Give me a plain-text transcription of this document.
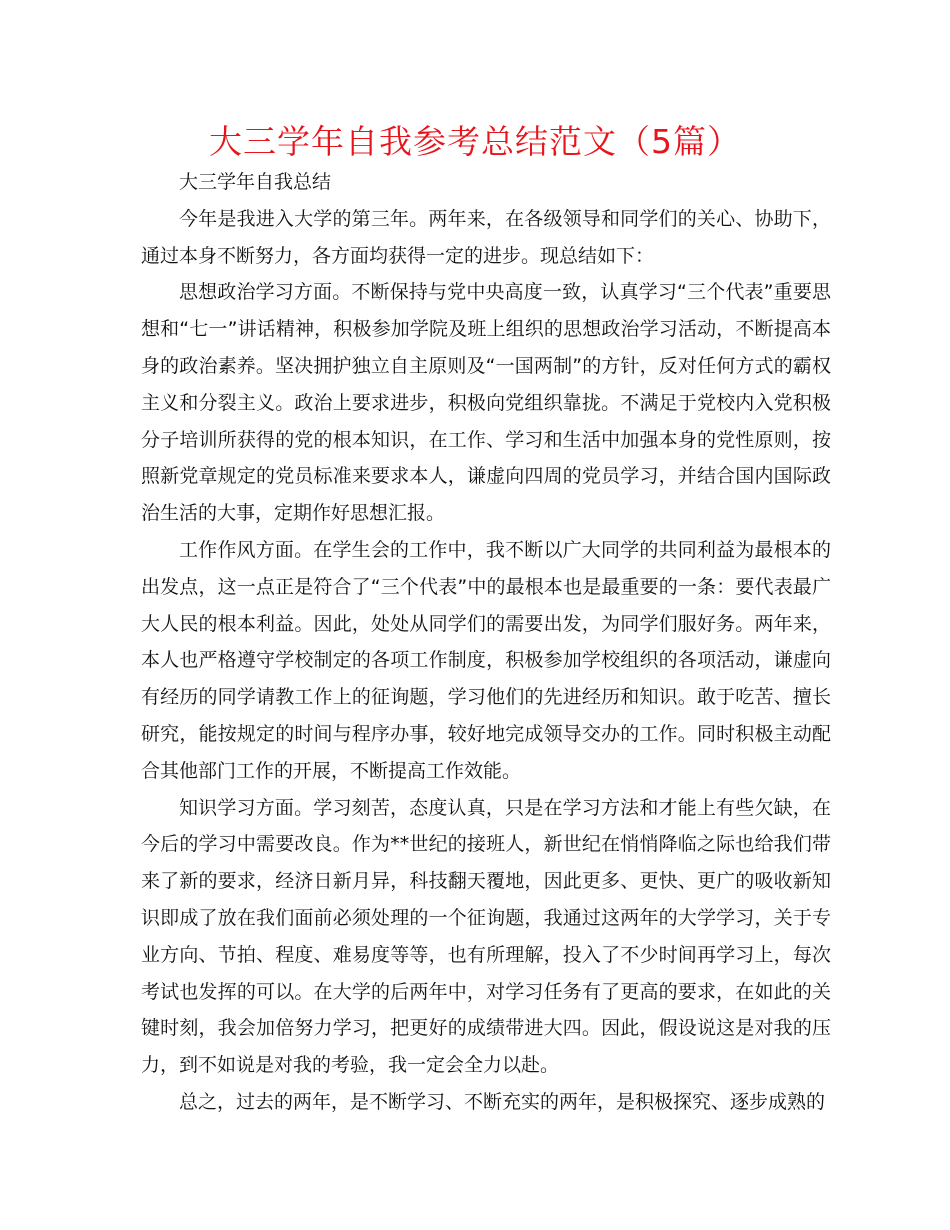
大三学年自我参考总结范文（5篇）

大三学年自我总结

今年是我进入大学的第三年。两年来，在各级领导和同学们的关心、协助下，通过本身不断努力，各方面均获得一定的进步。现总结如下：

思想政治学习方面。不断保持与党中央高度一致，认真学习“三个代表”重要思想和“七一”讲话精神，积极参加学院及班上组织的思想政治学习活动，不断提高本身的政治素养。坚决拥护独立自主原则及“一国两制”的方针，反对任何方式的霸权主义和分裂主义。政治上要求进步，积极向党组织靠拢。不满足于党校内入党积极分子培训所获得的党的根本知识，在工作、学习和生活中加强本身的党性原则，按照新党章规定的党员标准来要求本人，谦虚向四周的党员学习，并结合国内国际政治生活的大事，定期作好思想汇报。

工作作风方面。在学生会的工作中，我不断以广大同学的共同利益为最根本的出发点，这一点正是符合了“三个代表”中的最根本也是最重要的一条：要代表最广大人民的根本利益。因此，处处从同学们的需要出发，为同学们服好务。两年来，本人也严格遵守学校制定的各项工作制度，积极参加学校组织的各项活动，谦虚向有经历的同学请教工作上的征询题，学习他们的先进经历和知识。敢于吃苦、擅长研究，能按规定的时间与程序办事，较好地完成领导交办的工作。同时积极主动配合其他部门工作的开展，不断提高工作效能。

知识学习方面。学习刻苦，态度认真，只是在学习方法和才能上有些欠缺，在今后的学习中需要改良。作为**世纪的接班人，新世纪在悄悄降临之际也给我们带来了新的要求，经济日新月异，科技翻天覆地，因此更多、更快、更广的吸收新知识即成了放在我们面前必须处理的一个征询题，我通过这两年的大学学习，关于专业方向、节拍、程度、难易度等等，也有所理解，投入了不少时间再学习上，每次考试也发挥的可以。在大学的后两年中，对学习任务有了更高的要求，在如此的关键时刻，我会加倍努力学习，把更好的成绩带进大四。因此，假设说这是对我的压力，到不如说是对我的考验，我一定会全力以赴。

总之，过去的两年，是不断学习、不断充实的两年，是积极探究、逐步成熟的
